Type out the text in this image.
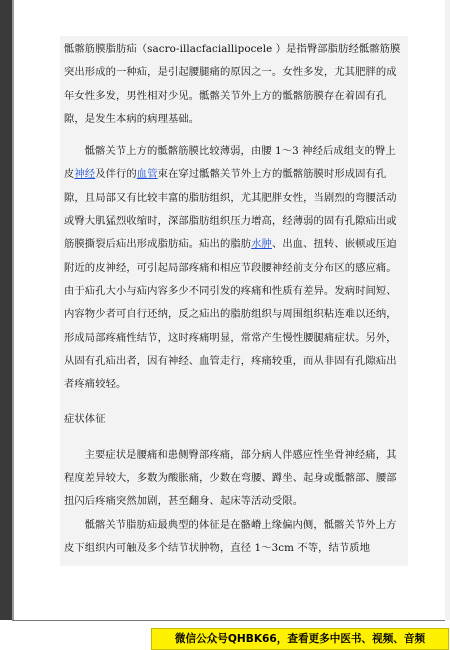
骶髂筋膜脂肪疝（sacro-illacfaciallipocele ）是指臀部脂肪经骶髂筋膜突出形成的一种疝，是引起腰腿痛的原因之一。女性多发，尤其肥胖的成年女性多发，男性相对少见。骶髂关节外上方的骶髂筋膜存在着固有孔隙，是发生本病的病理基础。

骶髂关节上方的骶髂筋膜比较薄弱，由腰 1～3 神经后成组支的臀上皮神经及伴行的血管束在穿过骶髂关节外上方的骶髂筋膜时形成固有孔隙，且局部又有比较丰富的脂肪组织，尤其肥胖女性，当剧烈的弯腰活动或臀大肌猛烈收缩时，深部脂肪组织压力增高，经薄弱的固有孔隙疝出或筋膜撕裂后疝出形成脂肪疝。疝出的脂肪水肿、出血、扭转、嵌顿或压迫附近的皮神经，可引起局部疼痛和相应节段腰神经前支分布区的感应痛。由于疝孔大小与疝内容多少不同引发的疼痛和性质有差异。发病时间短、内容物少者可自行还纳，反之疝出的脂肪组织与周围组织粘连难以还纳，形成局部疼痛性结节，这时疼痛明显，常常产生慢性腰腿痛症状。另外，从固有孔疝出者，因有神经、血管走行，疼痛较重，而从非固有孔隙疝出者疼痛较轻。

症状体征

主要症状是腰痛和患侧臀部疼痛，部分病人伴感应性坐骨神经痛，其程度差异较大，多数为酸胀痛，少数在弯腰、蹲坐、起身或骶髂部、腰部扭闪后疼痛突然加剧，甚至翻身、起床等活动受限。

骶髂关节脂肪疝最典型的体征是在骼嵴上缘偏内侧，骶髂关节外上方皮下组织内可触及多个结节状肿物，直径 1～3cm 不等，结节质地

微信公众号QHBK66，查看更多中医书、视频、音频
